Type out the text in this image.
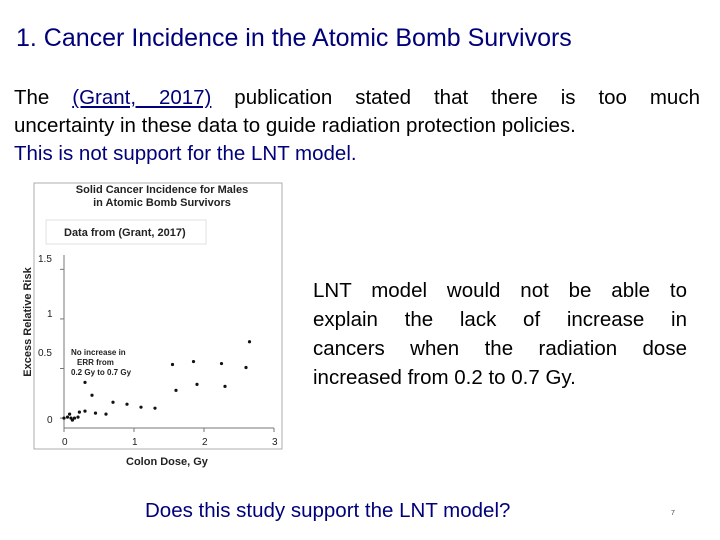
1. Cancer Incidence in the Atomic Bomb Survivors
The (Grant, 2017) publication stated that there is too much
uncertainty in these data to guide radiation protection policies.
This is not support for the LNT model.
Solid Cancer Incidence for Males
in Atomic Bomb Survivors
Data from (Grant, 2017)
No increase in
ERR from
0.2 Gy to 0.7 Gy
0	1	2	3
0
0.5
1
1.5
Colon Dose, Gy
Excess Relative Risk	LNT model would not be able to
explain the lack of increase in
cancers when the radiation dose
increased from 0.2 to 0.7 Gy.
Does this study support the LNT model?	7
